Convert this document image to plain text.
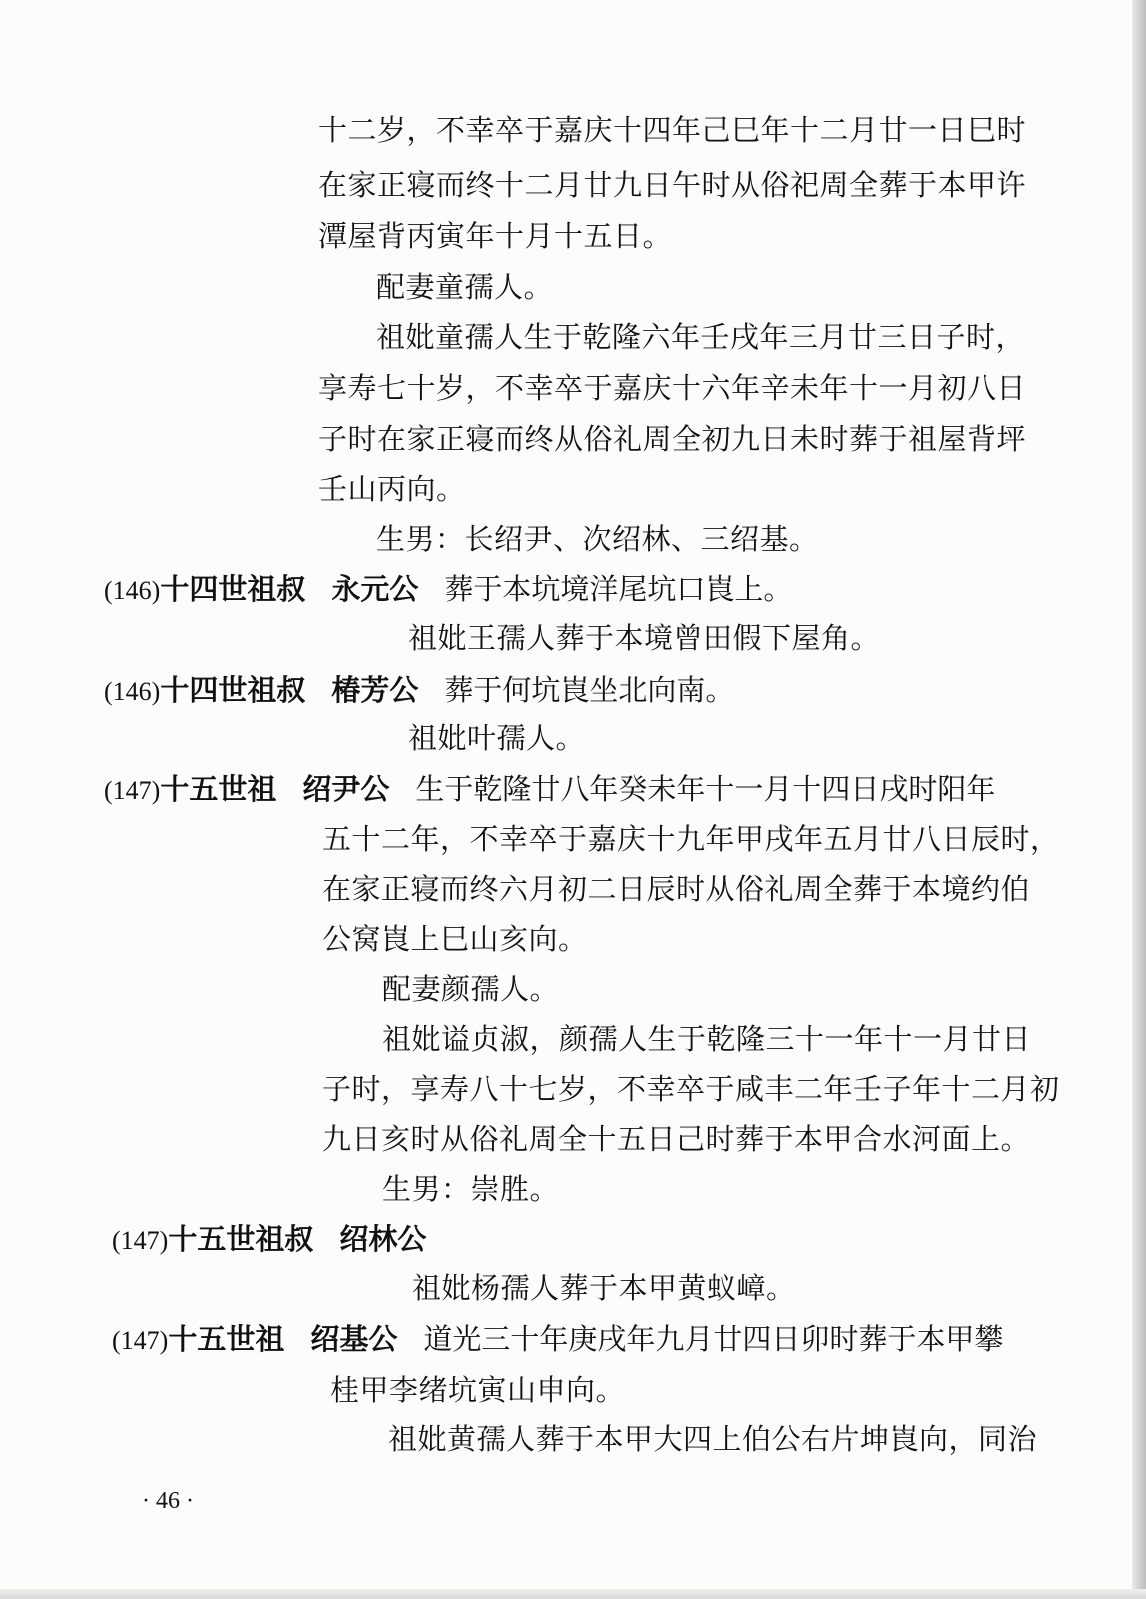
十二岁，不幸卒于嘉庆十四年己巳年十二月廿一日巳时
在家正寝而终十二月廿九日午时从俗祀周全葬于本甲许
潭屋背丙寅年十月十五日。
配妻童孺人。
祖妣童孺人生于乾隆六年壬戌年三月廿三日子时，
享寿七十岁，不幸卒于嘉庆十六年辛未年十一月初八日
子时在家正寝而终从俗礼周全初九日未时葬于祖屋背坪
壬山丙向。
生男：长绍尹、次绍林、三绍基。
(146)十四世祖叔 永元公 葬于本坑境洋尾坑口崀上。
祖妣王孺人葬于本境曾田假下屋角。
(146)十四世祖叔 椿芳公 葬于何坑崀坐北向南。
祖妣叶孺人。
(147)十五世祖 绍尹公 生于乾隆廿八年癸未年十一月十四日戌时阳年
五十二年，不幸卒于嘉庆十九年甲戌年五月廿八日辰时，
在家正寝而终六月初二日辰时从俗礼周全葬于本境约伯
公窝崀上巳山亥向。
配妻颜孺人。
祖妣谥贞淑，颜孺人生于乾隆三十一年十一月廿日
子时，享寿八十七岁，不幸卒于咸丰二年壬子年十二月初
九日亥时从俗礼周全十五日己时葬于本甲合水河面上。
生男：崇胜。
(147)十五世祖叔 绍林公
祖妣杨孺人葬于本甲黄蚁嶂。
(147)十五世祖 绍基公 道光三十年庚戌年九月廿四日卯时葬于本甲攀
桂甲李绪坑寅山申向。
祖妣黄孺人葬于本甲大四上伯公右片坤崀向，同治
· 46 ·
